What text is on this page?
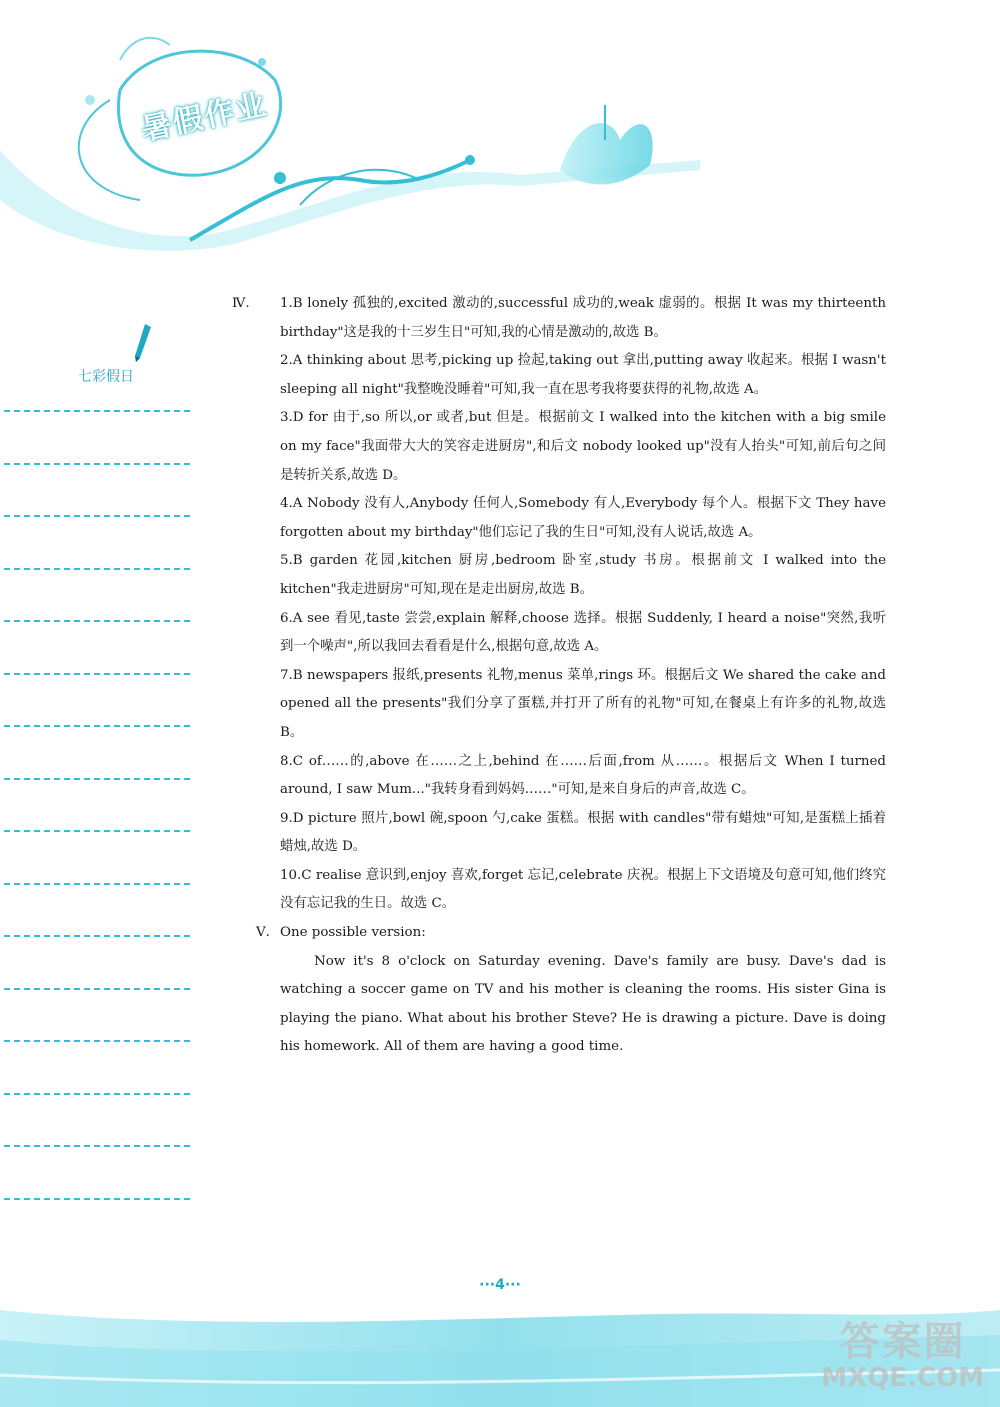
暑假作业
七彩假日
Ⅳ. 1.B lonely 孤独的,excited 激动的,successful 成功的,weak 虚弱的。根据 It was my thirteenth birthday"这是我的十三岁生日"可知,我的心情是激动的,故选 B。
2.A thinking about 思考,picking up 捡起,taking out 拿出,putting away 收起来。根据 I wasn't sleeping all night"我整晚没睡着"可知,我一直在思考我将要获得的礼物,故选 A。
3.D for 由于,so 所以,or 或者,but 但是。根据前文 I walked into the kitchen with a big smile on my face"我面带大大的笑容走进厨房",和后文 nobody looked up"没有人抬头"可知,前后句之间是转折关系,故选 D。
4.A Nobody 没有人,Anybody 任何人,Somebody 有人,Everybody 每个人。根据下文 They have forgotten about my birthday"他们忘记了我的生日"可知,没有人说话,故选 A。
5.B garden 花园,kitchen 厨房,bedroom 卧室,study 书房。根据前文 I walked into the kitchen"我走进厨房"可知,现在是走出厨房,故选 B。
6.A see 看见,taste 尝尝,explain 解释,choose 选择。根据 Suddenly, I heard a noise"突然,我听到一个噪声",所以我回去看看是什么,根据句意,故选 A。
7.B newspapers 报纸,presents 礼物,menus 菜单,rings 环。根据后文 We shared the cake and opened all the presents"我们分享了蛋糕,并打开了所有的礼物"可知,在餐桌上有许多的礼物,故选 B。
8.C of……的,above 在……之上,behind 在……后面,from 从……。根据后文 When I turned around, I saw Mum..."我转身看到妈妈……"可知,是来自身后的声音,故选 C。
9.D picture 照片,bowl 碗,spoon 勺,cake 蛋糕。根据 with candles"带有蜡烛"可知,是蛋糕上插着蜡烛,故选 D。
10.C realise 意识到,enjoy 喜欢,forget 忘记,celebrate 庆祝。根据上下文语境及句意可知,他们终究没有忘记我的生日。故选 C。
Ⅴ. One possible version:
Now it's 8 o'clock on Saturday evening. Dave's family are busy. Dave's dad is watching a soccer game on TV and his mother is cleaning the rooms. His sister Gina is playing the piano. What about his brother Steve? He is drawing a picture. Dave is doing his homework. All of them are having a good time.
···4···
答案圈
MXQE.COM
